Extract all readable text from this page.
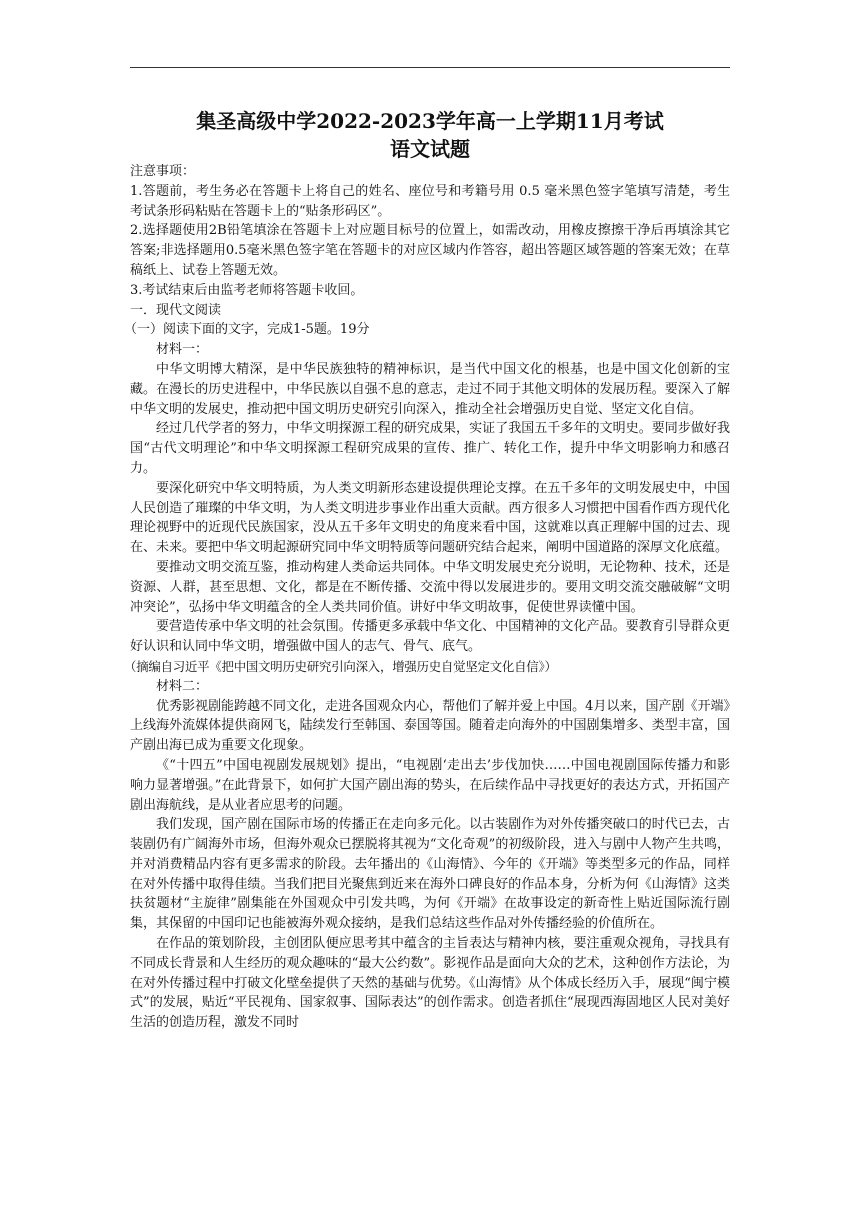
集圣高级中学2022-2023学年高一上学期11月考试
语文试题

注意事项：

1.答题前，考生务必在答题卡上将自己的姓名、座位号和考籍号用 0.5 毫米黑色签字笔填写清楚，考生考试条形码粘贴在答题卡上的“贴条形码区”。

2.选择题使用2B铅笔填涂在答题卡上对应题目标号的位置上，如需改动，用橡皮擦擦干净后再填涂其它答案;非选择题用0.5毫米黑色签字笔在答题卡的对应区域内作答容，超出答题区域答题的答案无效；在草稿纸上、试卷上答题无效。

3.考试结束后由监考老师将答题卡收回。

一．现代文阅读

（一）阅读下面的文字，完成1-5题。19分

材料一：

中华文明博大精深，是中华民族独特的精神标识，是当代中国文化的根基，也是中国文化创新的宝藏。在漫长的历史进程中，中华民族以自强不息的意志，走过不同于其他文明体的发展历程。要深入了解中华文明的发展史，推动把中国文明历史研究引向深入，推动全社会增强历史自觉、坚定文化自信。

经过几代学者的努力，中华文明探源工程的研究成果，实证了我国五千多年的文明史。要同步做好我国“古代文明理论”和中华文明探源工程研究成果的宣传、推广、转化工作，提升中华文明影响力和感召力。

要深化研究中华文明特质，为人类文明新形态建设提供理论支撑。在五千多年的文明发展史中，中国人民创造了璀璨的中华文明，为人类文明进步事业作出重大贡献。西方很多人习惯把中国看作西方现代化理论视野中的近现代民族国家，没从五千多年文明史的角度来看中国，这就难以真正理解中国的过去、现在、未来。要把中华文明起源研究同中华文明特质等问题研究结合起来，阐明中国道路的深厚文化底蕴。

要推动文明交流互鉴，推动构建人类命运共同体。中华文明发展史充分说明，无论物种、技术，还是资源、人群，甚至思想、文化，都是在不断传播、交流中得以发展进步的。要用文明交流交融破解“文明冲突论”，弘扬中华文明蕴含的全人类共同价值。讲好中华文明故事，促使世界读懂中国。

要营造传承中华文明的社会氛围。传播更多承载中华文化、中国精神的文化产品。要教育引导群众更好认识和认同中华文明，增强做中国人的志气、骨气、底气。

（摘编自习近平《把中国文明历史研究引向深入，增强历史自觉坚定文化自信》）

材料二：

优秀影视剧能跨越不同文化，走进各国观众内心，帮他们了解并爱上中国。4月以来，国产剧《开端》上线海外流媒体提供商网飞，陆续发行至韩国、泰国等国。随着走向海外的中国剧集增多、类型丰富，国产剧出海已成为重要文化现象。

《“十四五”中国电视剧发展规划》提出，“电视剧‘走出去’步伐加快……中国电视剧国际传播力和影响力显著增强。”在此背景下，如何扩大国产剧出海的势头，在后续作品中寻找更好的表达方式，开拓国产剧出海航线，是从业者应思考的问题。

我们发现，国产剧在国际市场的传播正在走向多元化。以古装剧作为对外传播突破口的时代已去，古装剧仍有广阔海外市场，但海外观众已摆脱将其视为“文化奇观”的初级阶段，进入与剧中人物产生共鸣，并对消费精品内容有更多需求的阶段。去年播出的《山海情》、今年的《开端》等类型多元的作品，同样在对外传播中取得佳绩。当我们把目光聚焦到近来在海外口碑良好的作品本身，分析为何《山海情》这类扶贫题材“主旋律”剧集能在外国观众中引发共鸣，为何《开端》在故事设定的新奇性上贴近国际流行剧集，其保留的中国印记也能被海外观众接纳，是我们总结这些作品对外传播经验的价值所在。

在作品的策划阶段，主创团队便应思考其中蕴含的主旨表达与精神内核，要注重观众视角，寻找具有不同成长背景和人生经历的观众趣味的“最大公约数”。影视作品是面向大众的艺术，这种创作方法论，为在对外传播过程中打破文化壁垒提供了天然的基础与优势。《山海情》从个体成长经历入手，展现“闽宁模式”的发展，贴近“平民视角、国家叙事、国际表达”的创作需求。创造者抓住“展现西海固地区人民对美好生活的创造历程，激发不同时
